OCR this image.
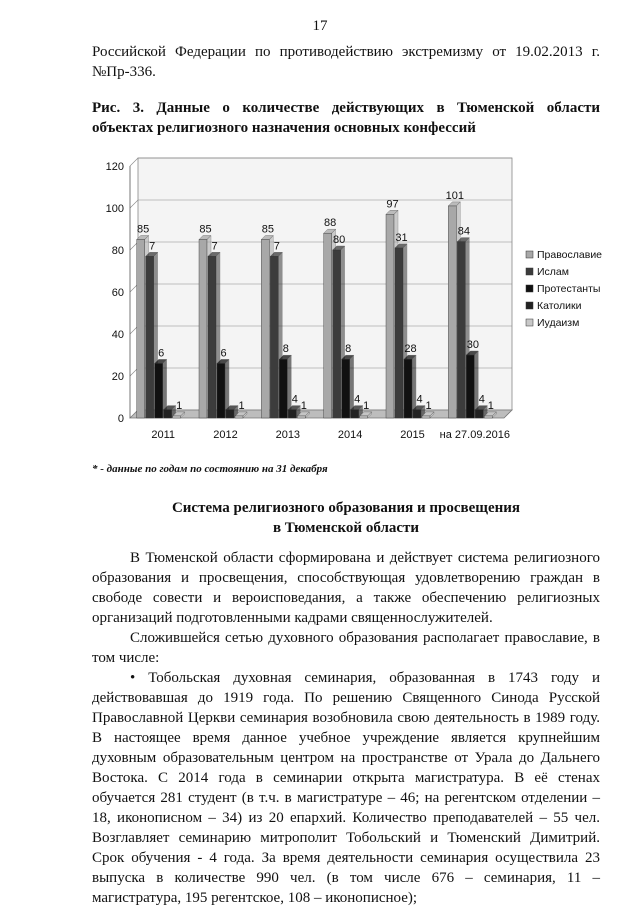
17
Российской Федерации по противодействию экстремизму от 19.02.2013 г.
№Пр-336.
Рис. 3. Данные о количестве действующих в Тюменской области
объектах религиозного назначения основных конфессий
0
20
40
60
80
100
120
85
7
6
1
2011
85
7
6
1
2012
85
7
8
4
1
2013
88
80
8
4
1
2014
97
31
28
4
1
2015
101
84
30
4
1
на 27.09.2016
Православие
Ислам
Протестанты
Католики
Иудаизм
* - данные по годам по состоянию на 31 декабря
Система религиозного образования и просвещения
в Тюменской области

В Тюменской области сформирована и действует система религиозного образования и просвещения, способствующая удовлетворению граждан в свободе совести и вероисповедания, а также обеспечению религиозных организаций подготовленными кадрами священнослужителей.

Сложившейся сетью духовного образования располагает православие, в том числе:

• Тобольская духовная семинария, образованная в 1743 году и действовавшая до 1919 года. По решению Священного Синода Русской Православной Церкви семинария возобновила свою деятельность в 1989 году. В настоящее время данное учебное учреждение является крупнейшим духовным образовательным центром на пространстве от Урала до Дальнего Востока. С 2014 года в семинарии открыта магистратура. В её стенах обучается 281 студент (в т.ч. в магистратуре – 46; на регентском отделении – 18, иконописном – 34) из 20 епархий. Количество преподавателей – 55 чел. Возглавляет семинарию митрополит Тобольский и Тюменский Димитрий. Срок обучения - 4 года. За время деятельности семинария осуществила 23 выпуска в количестве 990 чел. (в том числе 676 – семинария, 11 – магистратура, 195 регентское, 108 – иконописное);
